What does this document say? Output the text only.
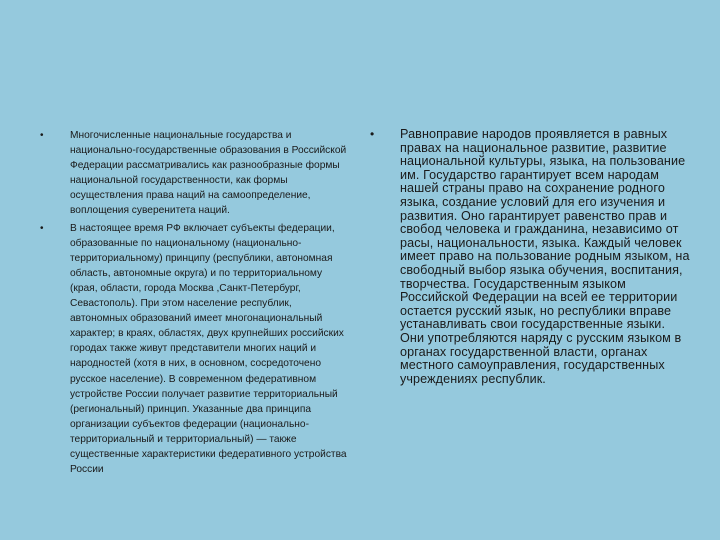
•	Многочисленные национальные государства и национально-государственные образования в Российской Федерации рассматривались как разнообразные формы национальной государственности, как формы осуществления права наций на самоопределение, воплощения суверенитета наций.

•	В настоящее время РФ включает субъекты федерации, образованные по национальному (национально-территориальному) принципу (республики, автономная область, автономные округа) и по территориальному (края, области, города Москва ,Санкт-Петербург, Севастополь). При этом население республик, автономных образований имеет многонациональный характер; в краях, областях, двух крупнейших российских городах также живут представители многих наций и народностей (хотя в них, в основном, сосредоточено русское население). В современном федеративном устройстве России получает развитие территориальный (региональный) принцип. Указанные два принципа организации субъектов федерации (национально-территориальный и территориальный) — также существенные характеристики федеративного устройства России

• Равноправие народов проявляется в равных правах на национальное развитие, развитие национальной культуры, языка, на пользование им. Государство гарантирует всем народам нашей страны право на сохранение родного языка, создание условий для его изучения и развития. Оно гарантирует равенство прав и свобод человека и гражданина, независимо от расы, национальности, языка. Каждый человек имеет право на пользование родным языком, на свободный выбор языка обучения, воспитания, творчества. Государственным языком Российской Федерации на всей ее территории остается русский язык, но республики вправе устанавливать свои государственные языки. Они употребляются наряду с русским языком в органах государственной власти, органах местного самоуправления, государственных учреждениях республик.
